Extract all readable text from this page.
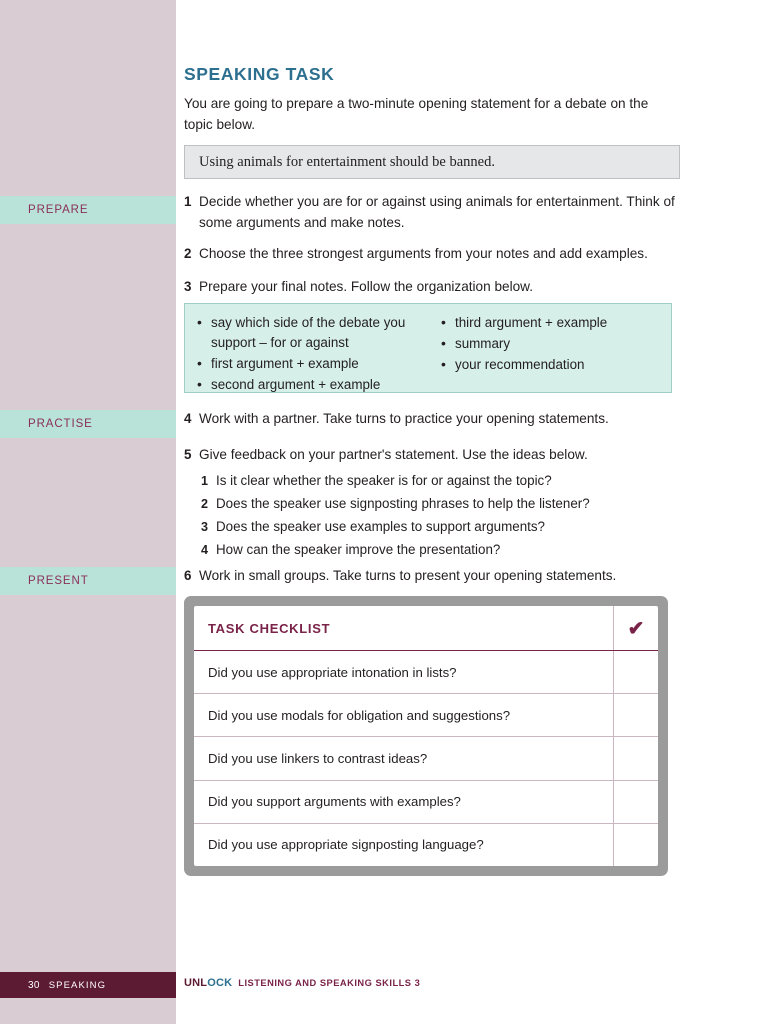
PREPARE
PRACTISE
PRESENT
30 SPEAKING
SPEAKING TASK
You are going to prepare a two-minute opening statement for a debate on the topic below.
Using animals for entertainment should be banned.
1 Decide whether you are for or against using animals for entertainment. Think of some arguments and make notes.
2 Choose the three strongest arguments from your notes and add examples.
3 Prepare your final notes. Follow the organization below.
• say which side of the debate you support – for or against
• first argument + example
• second argument + example
• third argument + example
• summary
• your recommendation
4 Work with a partner. Take turns to practice your opening statements.
5 Give feedback on your partner's statement. Use the ideas below.
1 Is it clear whether the speaker is for or against the topic?
2 Does the speaker use signposting phrases to help the listener?
3 Does the speaker use examples to support arguments?
4 How can the speaker improve the presentation?
6 Work in small groups. Take turns to present your opening statements.
TASK CHECKLIST	✔
Did you use appropriate intonation in lists?
Did you use modals for obligation and suggestions?
Did you use linkers to contrast ideas?
Did you support arguments with examples?
Did you use appropriate signposting language?
UNLOCK LISTENING AND SPEAKING SKILLS 3
